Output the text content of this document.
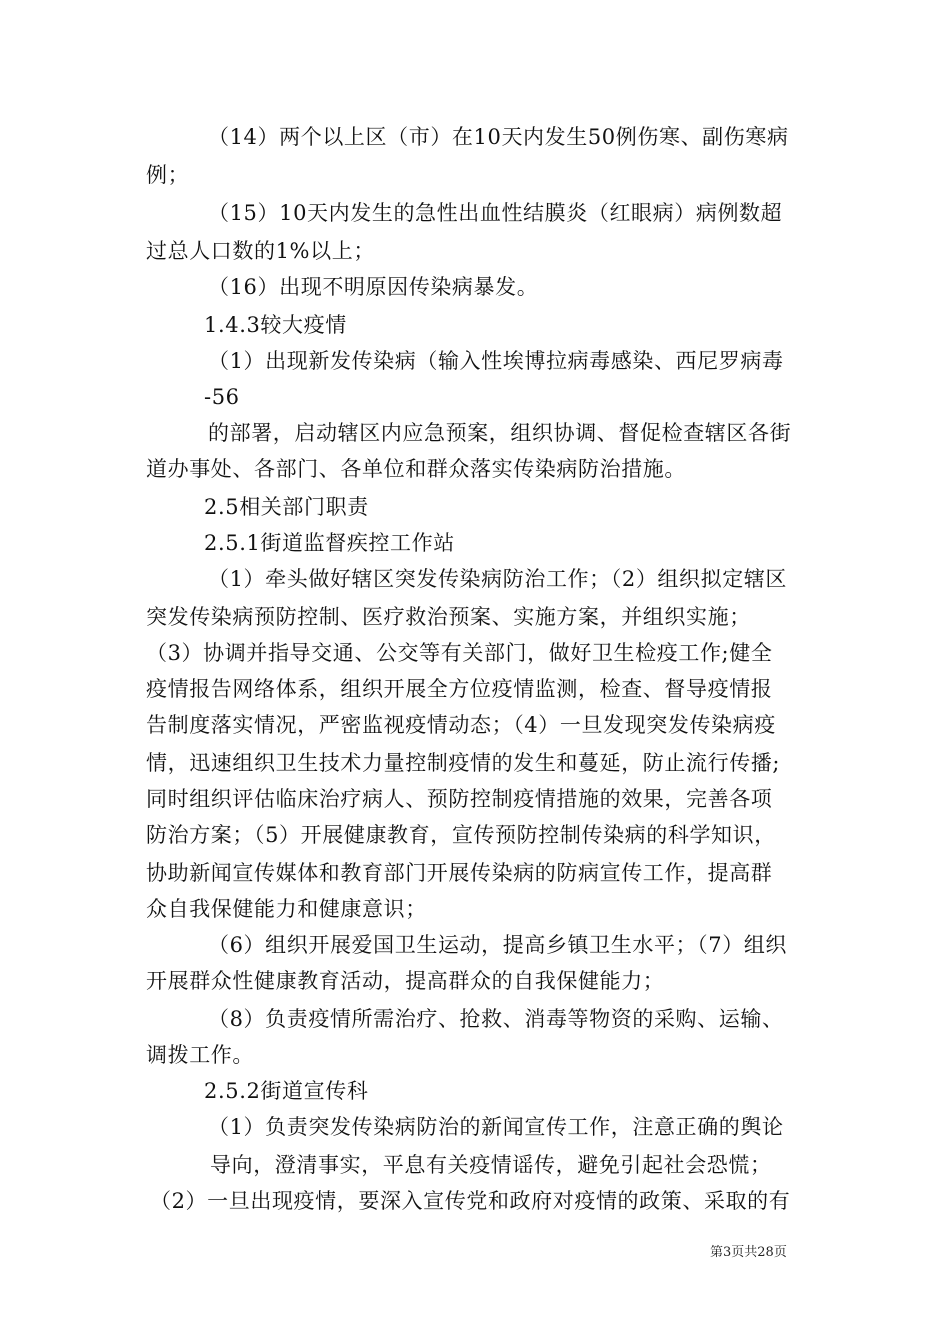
（14）两个以上区（市）在10天内发生50例伤寒、副伤寒病
例；
（15）10天内发生的急性出血性结膜炎（红眼病）病例数超
过总人口数的1%以上；
（16）出现不明原因传染病暴发。
1.4.3较大疫情
（1）出现新发传染病（输入性埃博拉病毒感染、西尼罗病毒
-56
的部署，启动辖区内应急预案，组织协调、督促检查辖区各街
道办事处、各部门、各单位和群众落实传染病防治措施。
2.5相关部门职责
2.5.1街道监督疾控工作站
（1）牵头做好辖区突发传染病防治工作；（2）组织拟定辖区
突发传染病预防控制、医疗救治预案、实施方案，并组织实施；
（3）协调并指导交通、公交等有关部门，做好卫生检疫工作;健全
疫情报告网络体系，组织开展全方位疫情监测，检查、督导疫情报
告制度落实情况，严密监视疫情动态；（4）一旦发现突发传染病疫
情，迅速组织卫生技术力量控制疫情的发生和蔓延，防止流行传播;
同时组织评估临床治疗病人、预防控制疫情措施的效果，完善各项
防治方案；（5）开展健康教育，宣传预防控制传染病的科学知识，
协助新闻宣传媒体和教育部门开展传染病的防病宣传工作，提高群
众自我保健能力和健康意识；
（6）组织开展爱国卫生运动，提高乡镇卫生水平；（7）组织
开展群众性健康教育活动，提高群众的自我保健能力；
（8）负责疫情所需治疗、抢救、消毒等物资的采购、运输、
调拨工作。
2.5.2街道宣传科
（1）负责突发传染病防治的新闻宣传工作，注意正确的舆论
导向，澄清事实，平息有关疫情谣传，避免引起社会恐慌；
（2）一旦出现疫情，要深入宣传党和政府对疫情的政策、采取的有
第3页共28页
